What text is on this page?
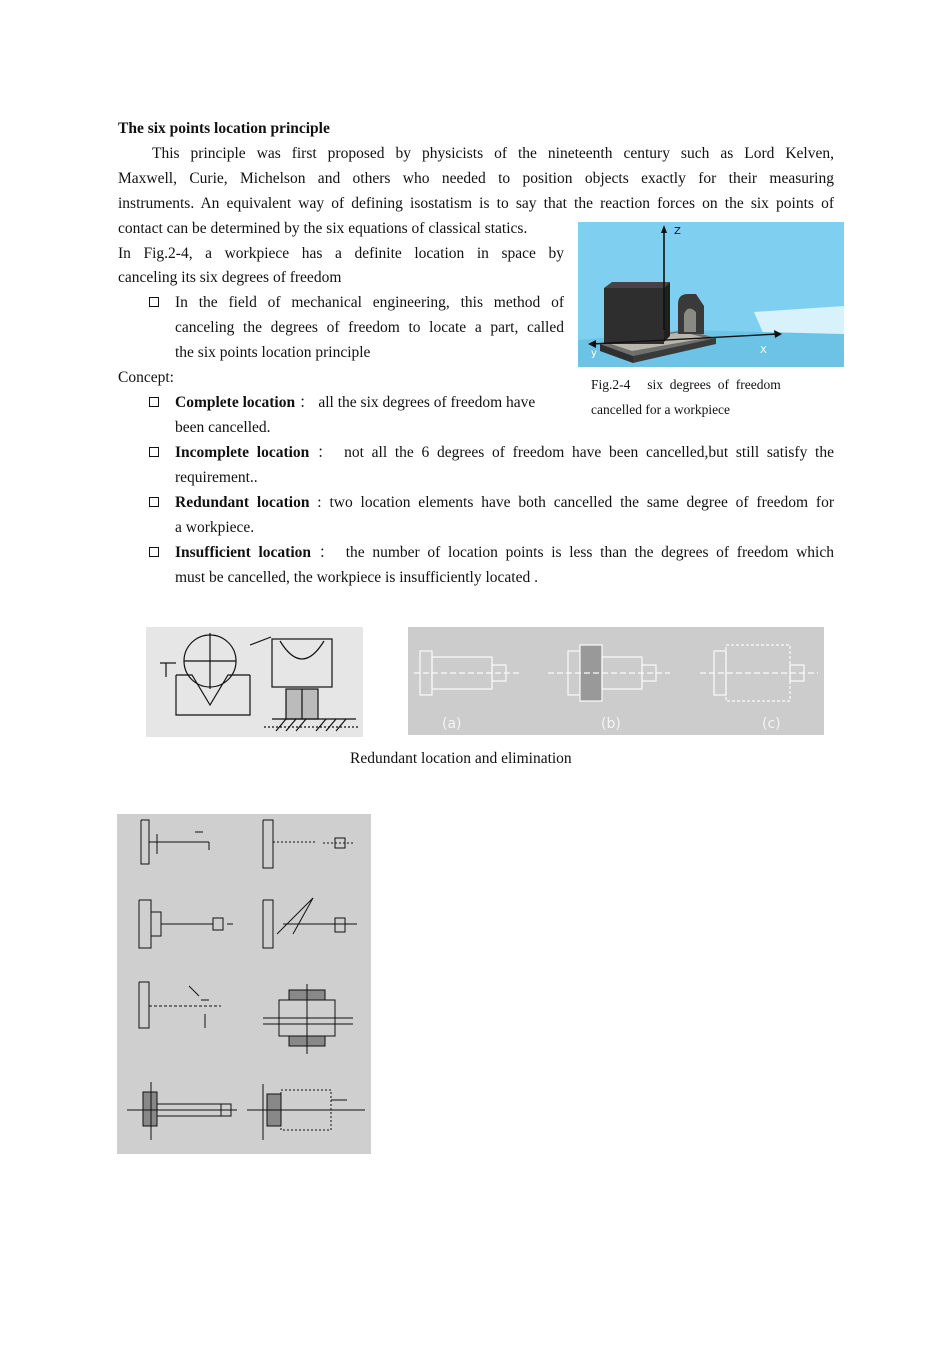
The six points location principle
This principle was first proposed by physicists of the nineteenth century such as Lord Kelven,
Maxwell, Curie, Michelson and others who needed to position objects exactly for their measuring
instruments. An equivalent way of defining isostatism is to say that the reaction forces on the six points of
contact can be determined by the six equations of classical statics.
In Fig.2-4, a workpiece has a definite location in space by
canceling its six degrees of freedom
In the field of mechanical engineering, this method of
canceling the degrees of freedom to locate a part, called
the six points location principle
Concept:
Complete location ： all the six degrees of freedom have
been cancelled.
Incomplete location ： not all the 6 degrees of freedom have been cancelled,but still satisfy the
requirement..
Redundant location : two location elements have both cancelled the same degree of freedom for
a workpiece.
Insufficient location ： the number of location points is less than the degrees of freedom which
must be cancelled, the workpiece is insufficiently located .
Z
y	X
Fig.2-4     six  degrees  of  freedom
cancelled for a workpiece
(a)	(b)	(c)
Redundant location and elimination
